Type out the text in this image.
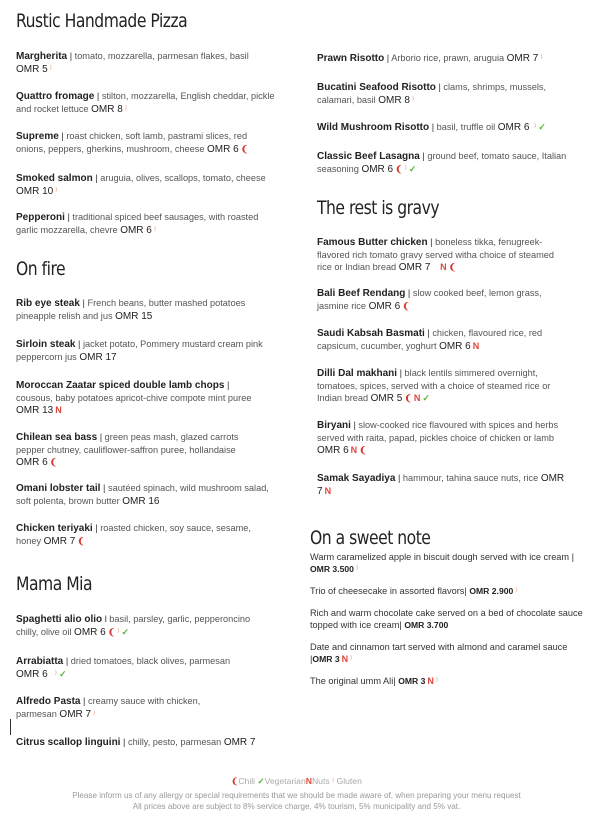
Rustic Handmade Pizza
Margherita | tomato, mozzarella, parmesan flakes, basil OMR 5 ⁾
Quattro fromage | stilton, mozzarella, English cheddar, pickle and rocket lettuce OMR 8 ⁾
Supreme | roast chicken, soft lamb, pastrami slices, red onions, peppers, gherkins, mushroom, cheese OMR 6 ❨
Smoked salmon | aruguia, olives, scallops, tomato, cheese OMR 10 ⁾
Pepperoni | traditional spiced beef sausages, with roasted garlic mozzarella, chevre OMR 6 ⁾
On fire
Rib eye steak | French beans, butter mashed potatoes pineapple relish and jus OMR 15
Sirloin steak | jacket potato, Pommery mustard cream pink peppercorn jus OMR 17
Moroccan Zaatar spiced double lamb chops | cousous, baby potatoes apricot-chive compote mint puree OMR 13 N
Chilean sea bass | green peas mash, glazed carrots pepper chutney, cauliflower-saffron puree, hollandaise OMR 6 ❨
Omani lobster tail | sautéed spinach, wild mushroom salad, soft polenta, brown butter OMR 16
Chicken teriyaki | roasted chicken, soy sauce, sesame, honey OMR 7 ❨
Mama Mia
Spaghetti alio olio l basil, parsley, garlic, pepperoncino chilly, olive oil OMR 6 ❨ ⁾ ✓
Arrabiatta | dried tomatoes, black olives, parmesan OMR 6 ⁾ ✓
Alfredo Pasta | creamy sauce with chicken, parmesan OMR 7 ⁾
Citrus scallop linguini | chilly, pesto, parmesan OMR 7
Prawn Risotto | Arborio rice, prawn, aruguia OMR 7 ⁾
Bucatini Seafood Risotto | clams, shrimps, mussels, calamari, basil OMR 8 ⁾
Wild Mushroom Risotto | basil, truffle oil OMR 6 ⁾ ✓
Classic Beef Lasagna | ground beef, tomato sauce, Italian seasoning OMR 6 ❨ ⁾ ✓
The rest is gravy
Famous Butter chicken | boneless tikka, fenugreek-flavored rich tomato gravy served witha choice of steamed rice or Indian bread OMR 7 N ❨
Bali Beef Rendang | slow cooked beef, lemon grass, jasmine rice OMR 6 ❨
Saudi Kabsah Basmati | chicken, flavoured rice, red capsicum, cucumber, yoghurt OMR 6 N
Dilli Dal makhani | black lentils simmered overnight, tomatoes, spices, served with a choice of steamed rice or Indian bread OMR 5 ❨ N ✓
Biryani | slow-cooked rice flavoured with spices and herbs served with raita, papad, pickles choice of chicken or lamb OMR 6 N ❨
Samak Sayadiya | hammour, tahina sauce nuts, rice OMR 7 N
On a sweet note
Warm caramelized apple in biscuit dough served with ice cream | OMR 3.500 ⁾
Trio of cheesecake in assorted flavors| OMR 2.900 ⁾
Rich and warm chocolate cake served on a bed of chocolate sauce topped with ice cream| OMR 3.700
Date and cinnamon tart served with almond and caramel sauce |OMR 3 N ⁾
The original umm Ali| OMR 3 N ⁾
❨Chili ✓VegetarianNNuts ⁾ Gluten
Please inform us of any allergy or special requirements that we should be made aware of, when preparing your menu request
All prices above are subject to 8% service charge, 4% tourism, 5% municipality and 5% vat.
